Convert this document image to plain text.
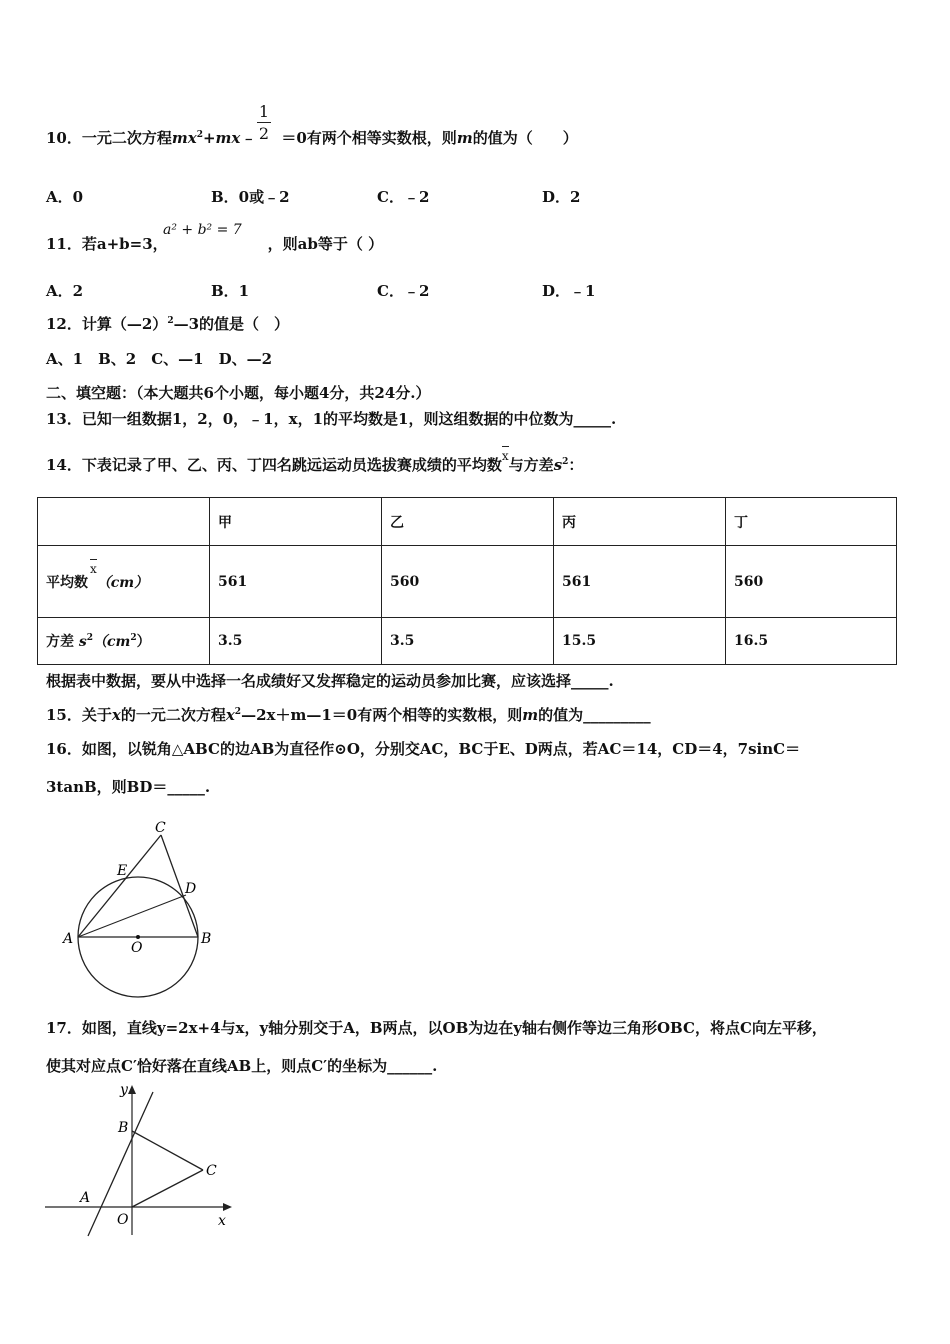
10．一元二次方程$mx^2+mx﹣ =0$有两个相等实数根，则m的值为（　　）
1
2
A．0	B．0或﹣2	C．﹣2	D．2
11．若a+b=3，	，则ab等于（ ）
a² + b² = 7
A．2	B．1	C．﹣2	D．﹣1
12．计算（—2）$^2$—3的值是（　）
A、1　B、2　C、—1　D、—2
二、填空题：（本大题共6个小题，每小题4分，共24分.）
13．已知一组数据1，2，0，﹣1，x，1的平均数是1，则这组数据的中位数为_____.
14．下表记录了甲、乙、丙、丁四名跳远运动员选拔赛成绩的平均数x与方差$s^2$：
	甲	乙	丙	丁
平均数x（cm）	561	560	561	560
方差 $s^2(cm^2)$	3.5	3.5	15.5	16.5
根据表中数据，要从中选择一名成绩好又发挥稳定的运动员参加比赛，应该选择_____.
15．关于x的一元二次方程$x^2—2x+m—1=0$有两个相等的实数根，则m的值为_________
16．如图，以锐角△ABC的边AB为直径作⊙O，分别交AC，BC于E、D两点，若AC＝14，CD＝4，7sinC＝
3tanB，则BD＝_____.
C
E
D
A
O
B
17．如图，直线y=2x+4与x，y轴分别交于A，B两点，以OB为边在y轴右侧作等边三角形OBC，将点C向左平移，
使其对应点C′恰好落在直线AB上，则点C′的坐标为______.
y
B
C
A
O	x
